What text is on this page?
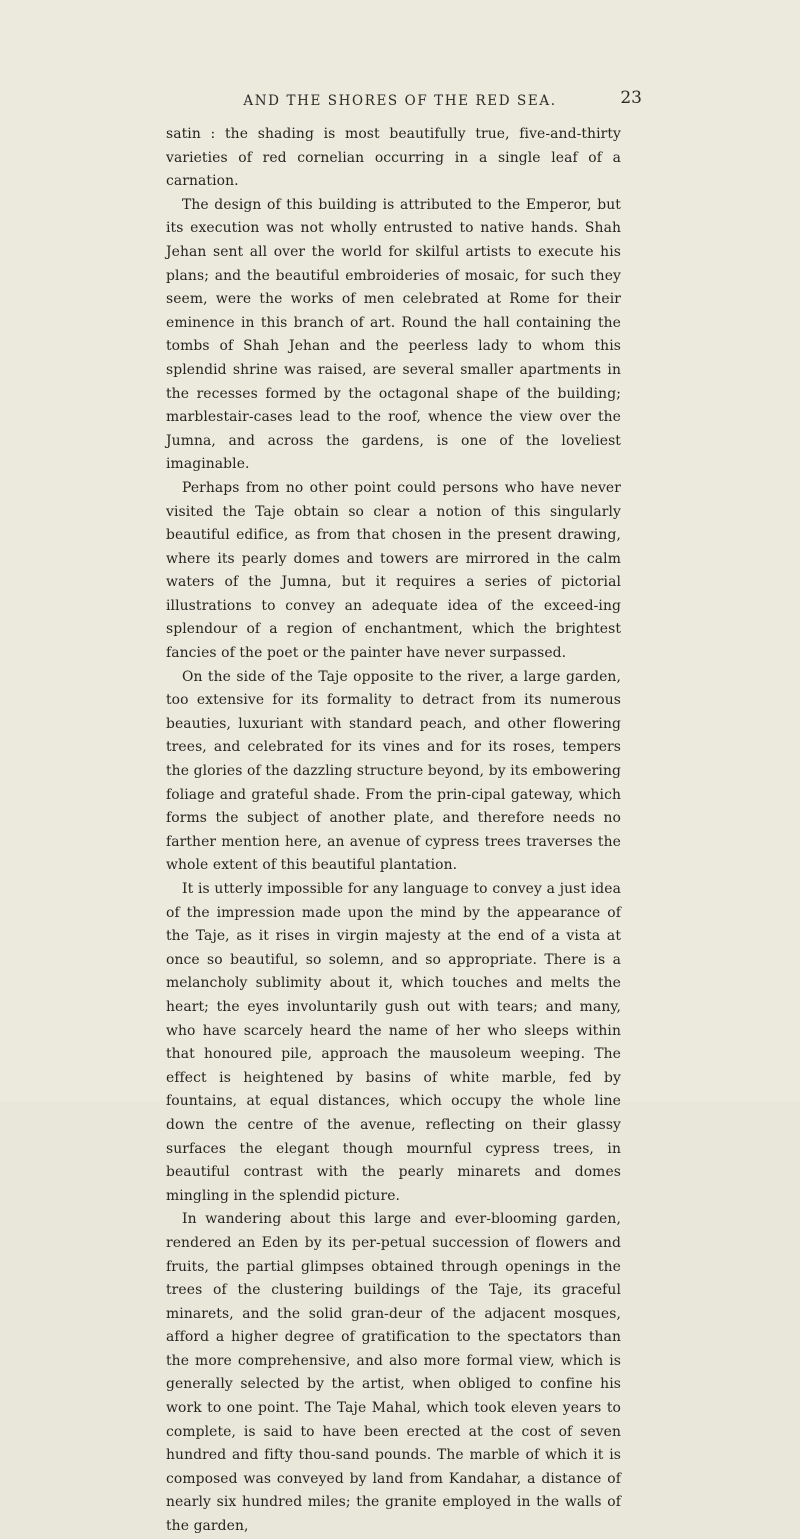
AND THE SHORES OF THE RED SEA.	23

satin : the shading is most beautifully true, five-and-thirty varieties of red cornelian occurring in a single leaf of a carnation.

The design of this building is attributed to the Emperor, but its execution was not wholly entrusted to native hands. Shah Jehan sent all over the world for skilful artists to execute his plans; and the beautiful embroideries of mosaic, for such they seem, were the works of men celebrated at Rome for their eminence in this branch of art. Round the hall containing the tombs of Shah Jehan and the peerless lady to whom this splendid shrine was raised, are several smaller apartments in the recesses formed by the octagonal shape of the building; marblestair-cases lead to the roof, whence the view over the Jumna, and across the gardens, is one of the loveliest imaginable.

Perhaps from no other point could persons who have never visited the Taje obtain so clear a notion of this singularly beautiful edifice, as from that chosen in the present drawing, where its pearly domes and towers are mirrored in the calm waters of the Jumna, but it requires a series of pictorial illustrations to convey an adequate idea of the exceed-ing splendour of a region of enchantment, which the brightest fancies of the poet or the painter have never surpassed.

On the side of the Taje opposite to the river, a large garden, too extensive for its formality to detract from its numerous beauties, luxuriant with standard peach, and other flowering trees, and celebrated for its vines and for its roses, tempers the glories of the dazzling structure beyond, by its embowering foliage and grateful shade. From the prin-cipal gateway, which forms the subject of another plate, and therefore needs no farther mention here, an avenue of cypress trees traverses the whole extent of this beautiful plantation.

It is utterly impossible for any language to convey a just idea of the impression made upon the mind by the appearance of the Taje, as it rises in virgin majesty at the end of a vista at once so beautiful, so solemn, and so appropriate. There is a melancholy sublimity about it, which touches and melts the heart; the eyes involuntarily gush out with tears; and many, who have scarcely heard the name of her who sleeps within that honoured pile, approach the mausoleum weeping. The effect is heightened by basins of white marble, fed by fountains, at equal distances, which occupy the whole line down the centre of the avenue, reflecting on their glassy surfaces the elegant though mournful cypress trees, in beautiful contrast with the pearly minarets and domes mingling in the splendid picture.

In wandering about this large and ever-blooming garden, rendered an Eden by its per-petual succession of flowers and fruits, the partial glimpses obtained through openings in the trees of the clustering buildings of the Taje, its graceful minarets, and the solid gran-deur of the adjacent mosques, afford a higher degree of gratification to the spectators than the more comprehensive, and also more formal view, which is generally selected by the artist, when obliged to confine his work to one point. The Taje Mahal, which took eleven years to complete, is said to have been erected at the cost of seven hundred and fifty thou-sand pounds. The marble of which it is composed was conveyed by land from Kandahar, a distance of nearly six hundred miles; the granite employed in the walls of the garden,
